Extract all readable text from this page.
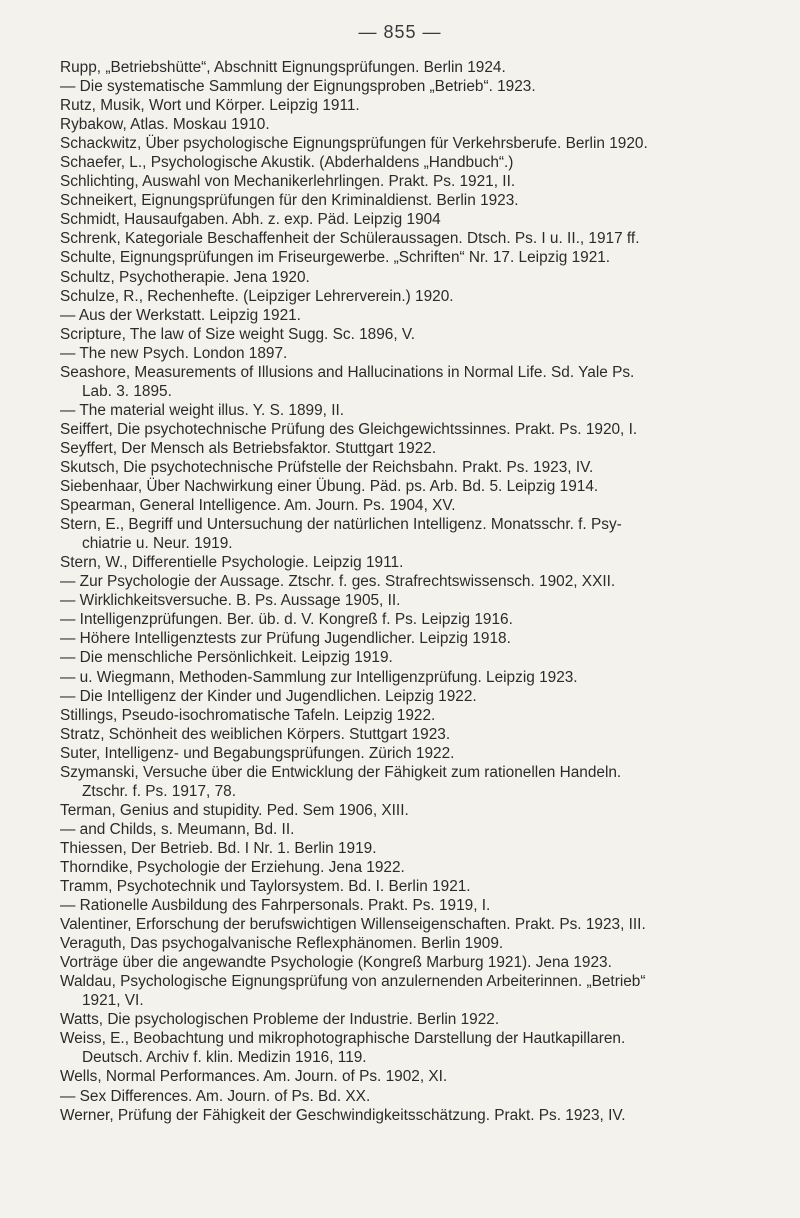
— 855 —
Rupp, „Betriebshütte“, Abschnitt Eignungsprüfungen. Berlin 1924.
— Die systematische Sammlung der Eignungsproben „Betrieb“. 1923.
Rutz, Musik, Wort und Körper. Leipzig 1911.
Rybakow, Atlas. Moskau 1910.
Schackwitz, Über psychologische Eignungsprüfungen für Verkehrsberufe. Berlin 1920.
Schaefer, L., Psychologische Akustik. (Abderhaldens „Handbuch“.)
Schlichting, Auswahl von Mechanikerlehrlingen. Prakt. Ps. 1921, II.
Schneikert, Eignungsprüfungen für den Kriminaldienst. Berlin 1923.
Schmidt, Hausaufgaben. Abh. z. exp. Päd. Leipzig 1904
Schrenk, Kategoriale Beschaffenheit der Schüleraussagen. Dtsch. Ps. I u. II., 1917 ff.
Schulte, Eignungsprüfungen im Friseurgewerbe. „Schriften“ Nr. 17. Leipzig 1921.
Schultz, Psychotherapie. Jena 1920.
Schulze, R., Rechenhefte. (Leipziger Lehrerverein.) 1920.
— Aus der Werkstatt. Leipzig 1921.
Scripture, The law of Size weight Sugg. Sc. 1896, V.
— The new Psych. London 1897.
Seashore, Measurements of Illusions and Hallucinations in Normal Life. Sd. Yale Ps.
Lab. 3. 1895.
— The material weight illus. Y. S. 1899, II.
Seiffert, Die psychotechnische Prüfung des Gleichgewichtssinnes. Prakt. Ps. 1920, I.
Seyffert, Der Mensch als Betriebsfaktor. Stuttgart 1922.
Skutsch, Die psychotechnische Prüfstelle der Reichsbahn. Prakt. Ps. 1923, IV.
Siebenhaar, Über Nachwirkung einer Übung. Päd. ps. Arb. Bd. 5. Leipzig 1914.
Spearman, General Intelligence. Am. Journ. Ps. 1904, XV.
Stern, E., Begriff und Untersuchung der natürlichen Intelligenz. Monatsschr. f. Psy-
chiatrie u. Neur. 1919.
Stern, W., Differentielle Psychologie. Leipzig 1911.
— Zur Psychologie der Aussage. Ztschr. f. ges. Strafrechtswissensch. 1902, XXII.
— Wirklichkeitsversuche. B. Ps. Aussage 1905, II.
— Intelligenzprüfungen. Ber. üb. d. V. Kongreß f. Ps. Leipzig 1916.
— Höhere Intelligenztests zur Prüfung Jugendlicher. Leipzig 1918.
— Die menschliche Persönlichkeit. Leipzig 1919.
— u. Wiegmann, Methoden-Sammlung zur Intelligenzprüfung. Leipzig 1923.
— Die Intelligenz der Kinder und Jugendlichen. Leipzig 1922.
Stillings, Pseudo-isochromatische Tafeln. Leipzig 1922.
Stratz, Schönheit des weiblichen Körpers. Stuttgart 1923.
Suter, Intelligenz- und Begabungsprüfungen. Zürich 1922.
Szymanski, Versuche über die Entwicklung der Fähigkeit zum rationellen Handeln.
Ztschr. f. Ps. 1917, 78.
Terman, Genius and stupidity. Ped. Sem 1906, XIII.
— and Childs, s. Meumann, Bd. II.
Thiessen, Der Betrieb. Bd. I Nr. 1. Berlin 1919.
Thorndike, Psychologie der Erziehung. Jena 1922.
Tramm, Psychotechnik und Taylorsystem. Bd. I. Berlin 1921.
— Rationelle Ausbildung des Fahrpersonals. Prakt. Ps. 1919, I.
Valentiner, Erforschung der berufswichtigen Willenseigenschaften. Prakt. Ps. 1923, III.
Veraguth, Das psychogalvanische Reflexphänomen. Berlin 1909.
Vorträge über die angewandte Psychologie (Kongreß Marburg 1921). Jena 1923.
Waldau, Psychologische Eignungsprüfung von anzulernenden Arbeiterinnen. „Betrieb“
1921, VI.
Watts, Die psychologischen Probleme der Industrie. Berlin 1922.
Weiss, E., Beobachtung und mikrophotographische Darstellung der Hautkapillaren.
Deutsch. Archiv f. klin. Medizin 1916, 119.
Wells, Normal Performances. Am. Journ. of Ps. 1902, XI.
— Sex Differences. Am. Journ. of Ps. Bd. XX.
Werner, Prüfung der Fähigkeit der Geschwindigkeitsschätzung. Prakt. Ps. 1923, IV.
